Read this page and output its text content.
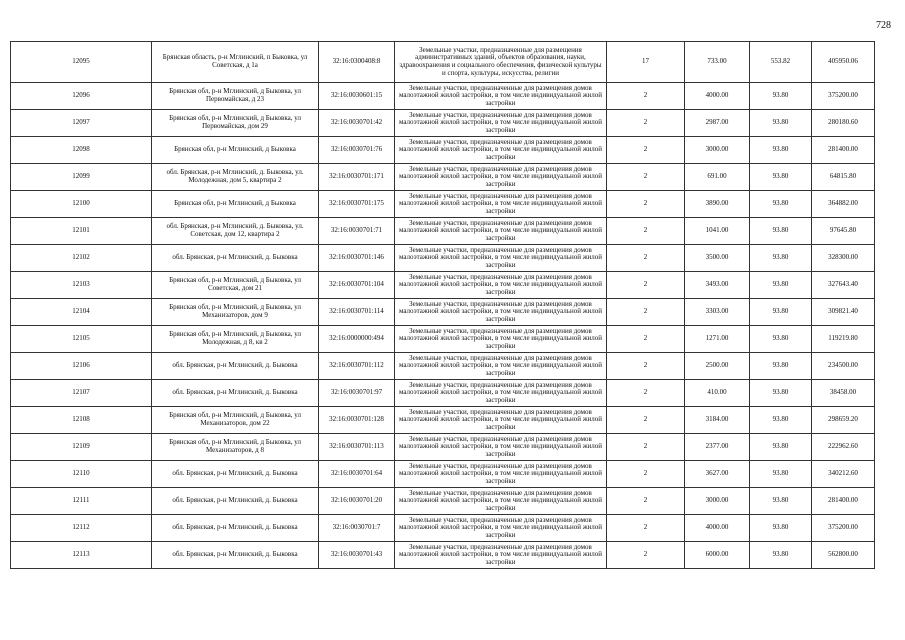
728
12095	Брянская область, р-н Мглинский, п Быковка, ул Советская, д 1а	32:16:0300408:8	Земельные участки, предназначенные для размещения административных зданий, объектов образования, науки, здравоохранения и социального обеспечения, физической культуры и спорта, культуры, искусства, религии	17	733.00	553.82	405950.06
12096	Брянская обл, р-н Мглинский, д Быковка, ул Первомайская, д 23	32:16:0030601:15	Земельные участки, предназначенные для размещения домов малоэтажной жилой застройки, в том числе индивидуальной жилой застройки	2	4000.00	93.80	375200.00
12097	Брянская обл, р-н Мглинский, д Быковка, ул Первомайская, дом 29	32:16:0030701:42	Земельные участки, предназначенные для размещения домов малоэтажной жилой застройки, в том числе индивидуальной жилой застройки	2	2987.00	93.80	280180.60
12098	Брянская обл, р-н Мглинский, д Быковка	32:16:0030701:76	Земельные участки, предназначенные для размещения домов малоэтажной жилой застройки, в том числе индивидуальной жилой застройки	2	3000.00	93.80	281400.00
12099	обл. Брянская, р-н Мглинский, д. Быковка, ул. Молодежная, дом 5, квартира 2	32:16:0030701:171	Земельные участки, предназначенные для размещения домов малоэтажной жилой застройки, в том числе индивидуальной жилой застройки	2	691.00	93.80	64815.80
12100	Брянская обл, р-н Мглинский, д Быковка	32:16:0030701:175	Земельные участки, предназначенные для размещения домов малоэтажной жилой застройки, в том числе индивидуальной жилой застройки	2	3890.00	93.80	364882.00
12101	обл. Брянская, р-н Мглинский, д. Быковка, ул. Советская, дом 12, квартира 2	32:16:0030701:71	Земельные участки, предназначенные для размещения домов малоэтажной жилой застройки, в том числе индивидуальной жилой застройки	2	1041.00	93.80	97645.80
12102	обл. Брянская, р-н Мглинский, д. Быковка	32:16:0030701:146	Земельные участки, предназначенные для размещения домов малоэтажной жилой застройки, в том числе индивидуальной жилой застройки	2	3500.00	93.80	328300.00
12103	Брянская обл, р-н Мглинский, д Быковка, ул Советская, дом 21	32:16:0030701:104	Земельные участки, предназначенные для размещения домов малоэтажной жилой застройки, в том числе индивидуальной жилой застройки	2	3493.00	93.80	327643.40
12104	Брянская обл, р-н Мглинский, д Быковка, ул Механизаторов, дом 9	32:16:0030701:114	Земельные участки, предназначенные для размещения домов малоэтажной жилой застройки, в том числе индивидуальной жилой застройки	2	3303.00	93.80	309821.40
12105	Брянская обл, р-н Мглинский, д Быковка, ул Молодежная, д 8, кв 2	32:16:0000000:494	Земельные участки, предназначенные для размещения домов малоэтажной жилой застройки, в том числе индивидуальной жилой застройки	2	1271.00	93.80	119219.80
12106	обл. Брянская, р-н Мглинский, д. Быковка	32:16:0030701:112	Земельные участки, предназначенные для размещения домов малоэтажной жилой застройки, в том числе индивидуальной жилой застройки	2	2500.00	93.80	234500.00
12107	обл. Брянская, р-н Мглинский, д. Быковка	32:16:0030701:97	Земельные участки, предназначенные для размещения домов малоэтажной жилой застройки, в том числе индивидуальной жилой застройки	2	410.00	93.80	38458.00
12108	Брянская обл, р-н Мглинский, д Быковка, ул Механизаторов, дом 22	32:16:0030701:128	Земельные участки, предназначенные для размещения домов малоэтажной жилой застройки, в том числе индивидуальной жилой застройки	2	3184.00	93.80	298659.20
12109	Брянская обл, р-н Мглинский, д Быковка, ул Механизаторов, д 8	32:16:0030701:113	Земельные участки, предназначенные для размещения домов малоэтажной жилой застройки, в том числе индивидуальной жилой застройки	2	2377.00	93.80	222962.60
12110	обл. Брянская, р-н Мглинский, д. Быковка	32:16:0030701:64	Земельные участки, предназначенные для размещения домов малоэтажной жилой застройки, в том числе индивидуальной жилой застройки	2	3627.00	93.80	340212.60
12111	обл. Брянская, р-н Мглинский, д. Быковка	32:16:0030701:20	Земельные участки, предназначенные для размещения домов малоэтажной жилой застройки, в том числе индивидуальной жилой застройки	2	3000.00	93.80	281400.00
12112	обл. Брянская, р-н Мглинский, д. Быковка	32:16:0030701:7	Земельные участки, предназначенные для размещения домов малоэтажной жилой застройки, в том числе индивидуальной жилой застройки	2	4000.00	93.80	375200.00
12113	обл. Брянская, р-н Мглинский, д. Быковка	32:16:0030701:43	Земельные участки, предназначенные для размещения домов малоэтажной жилой застройки, в том числе индивидуальной жилой застройки	2	6000.00	93.80	562800.00
